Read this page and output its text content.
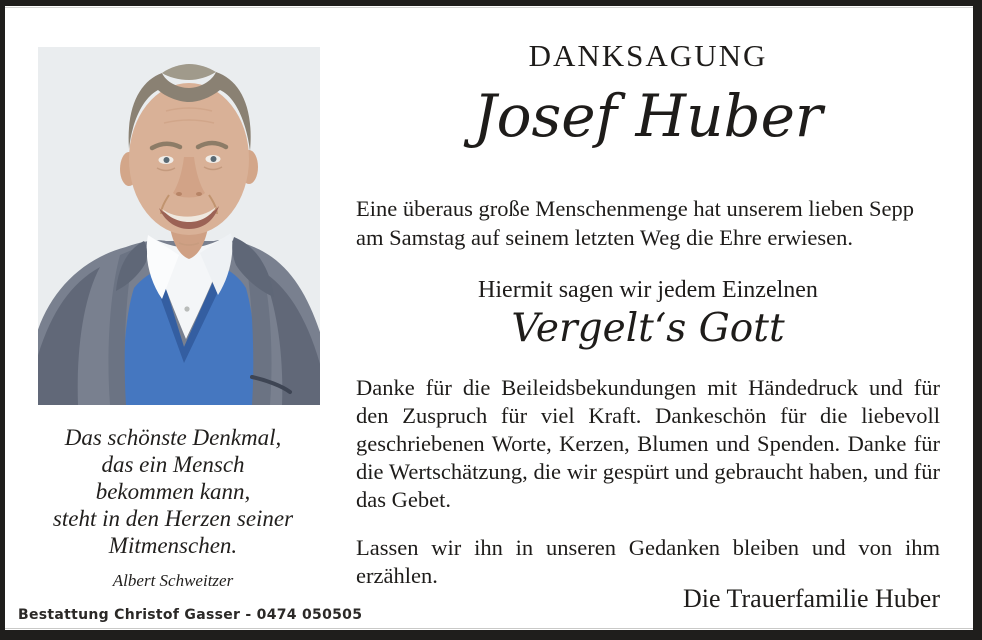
Das schönste Denkmal,
das ein Mensch
bekommen kann,
steht in den Herzen seiner
Mitmenschen.
Albert Schweitzer
DANKSAGUNG
Josef Huber
Eine überaus große Menschenmenge hat unserem lieben Sepp am Samstag auf seinem letzten Weg die Ehre erwiesen.
Hiermit sagen wir jedem Einzelnen
Vergelt‘s Gott
Danke für die Beileidsbekundungen mit Händedruck und für den Zuspruch für viel Kraft. Dankeschön für die liebevoll geschriebenen Worte, Kerzen, Blumen und Spenden. Danke für die Wertschätzung, die wir gespürt und gebraucht haben, und für das Gebet.
Lassen wir ihn in unseren Gedanken bleiben und von ihm erzählen.
Die Trauerfamilie Huber
Bestattung Christof Gasser - 0474 050505
